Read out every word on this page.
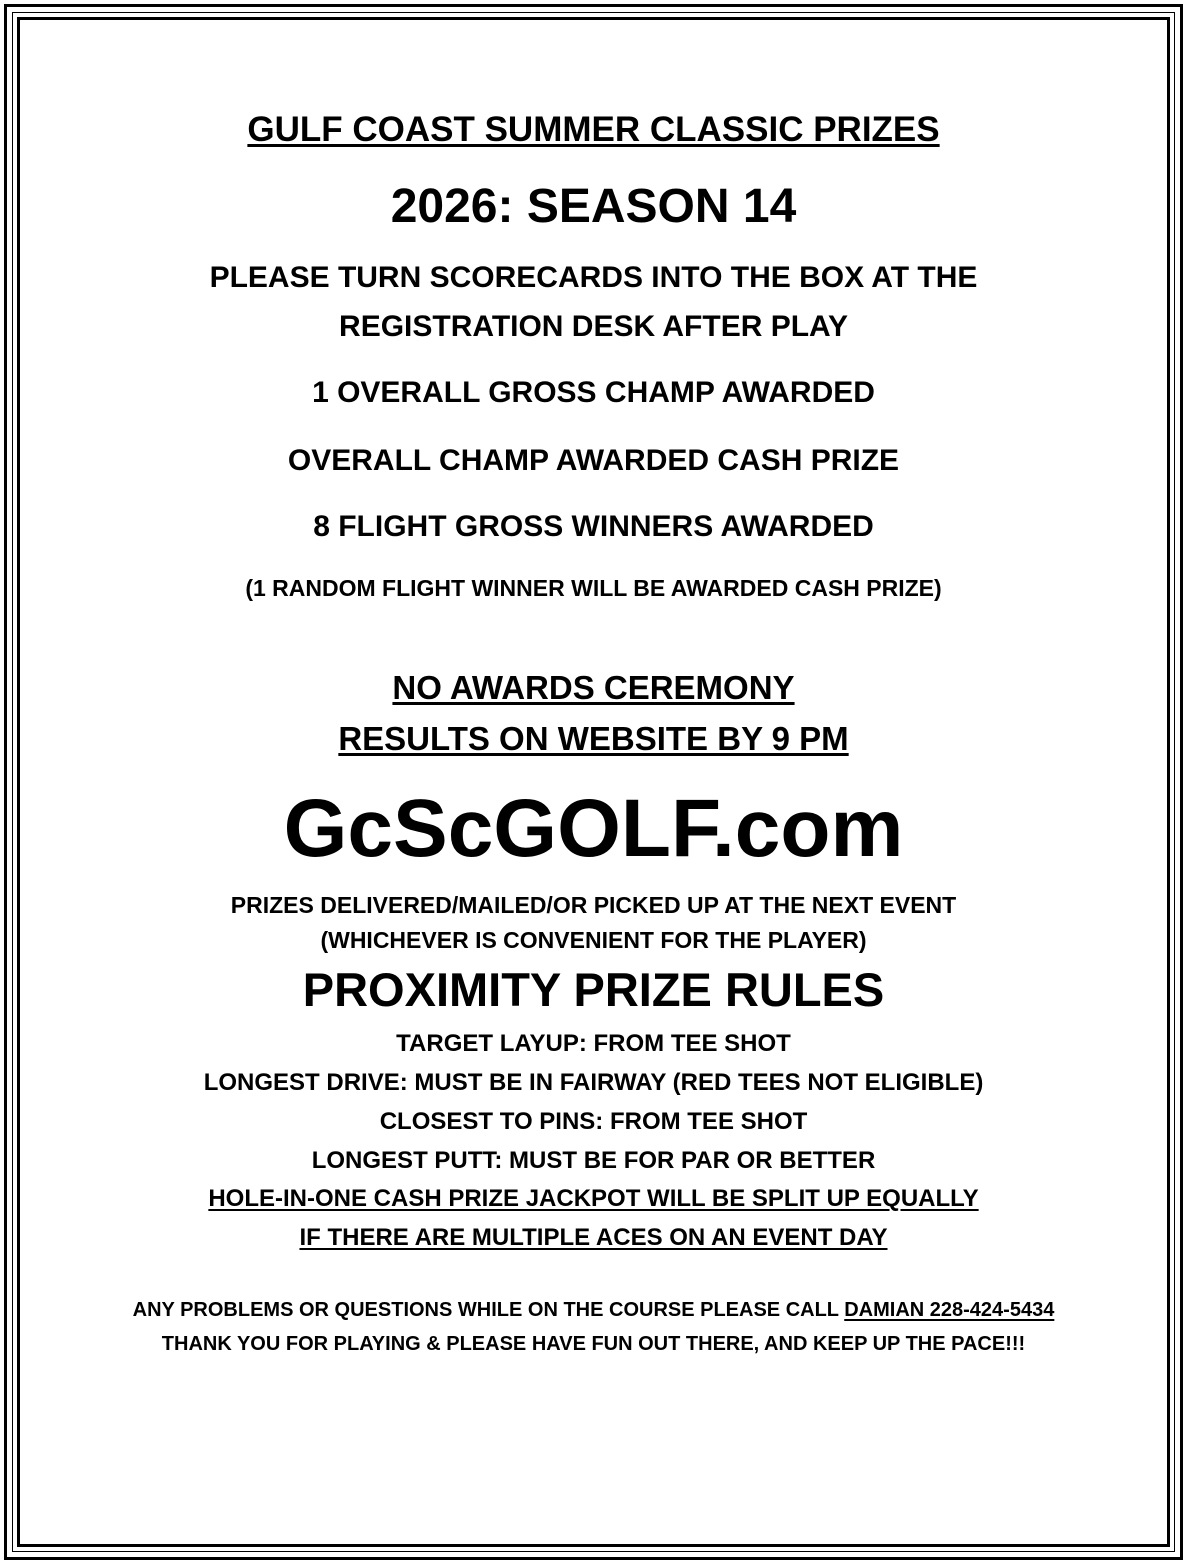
GULF COAST SUMMER CLASSIC PRIZES
2026: SEASON 14
PLEASE TURN SCORECARDS INTO THE BOX AT THE
REGISTRATION DESK AFTER PLAY
1 OVERALL GROSS CHAMP AWARDED
OVERALL CHAMP AWARDED CASH PRIZE
8 FLIGHT GROSS WINNERS AWARDED
(1 RANDOM FLIGHT WINNER WILL BE AWARDED CASH PRIZE)
NO AWARDS CEREMONY
RESULTS ON WEBSITE BY 9 PM
GcScGOLF.com
PRIZES DELIVERED/MAILED/OR PICKED UP AT THE NEXT EVENT
(WHICHEVER IS CONVENIENT FOR THE PLAYER)
PROXIMITY PRIZE RULES
TARGET LAYUP: FROM TEE SHOT
LONGEST DRIVE: MUST BE IN FAIRWAY (RED TEES NOT ELIGIBLE)
CLOSEST TO PINS: FROM TEE SHOT
LONGEST PUTT: MUST BE FOR PAR OR BETTER
HOLE-IN-ONE CASH PRIZE JACKPOT WILL BE SPLIT UP EQUALLY
IF THERE ARE MULTIPLE ACES ON AN EVENT DAY
ANY PROBLEMS OR QUESTIONS WHILE ON THE COURSE PLEASE CALL DAMIAN 228-424-5434
THANK YOU FOR PLAYING & PLEASE HAVE FUN OUT THERE, AND KEEP UP THE PACE!!!
